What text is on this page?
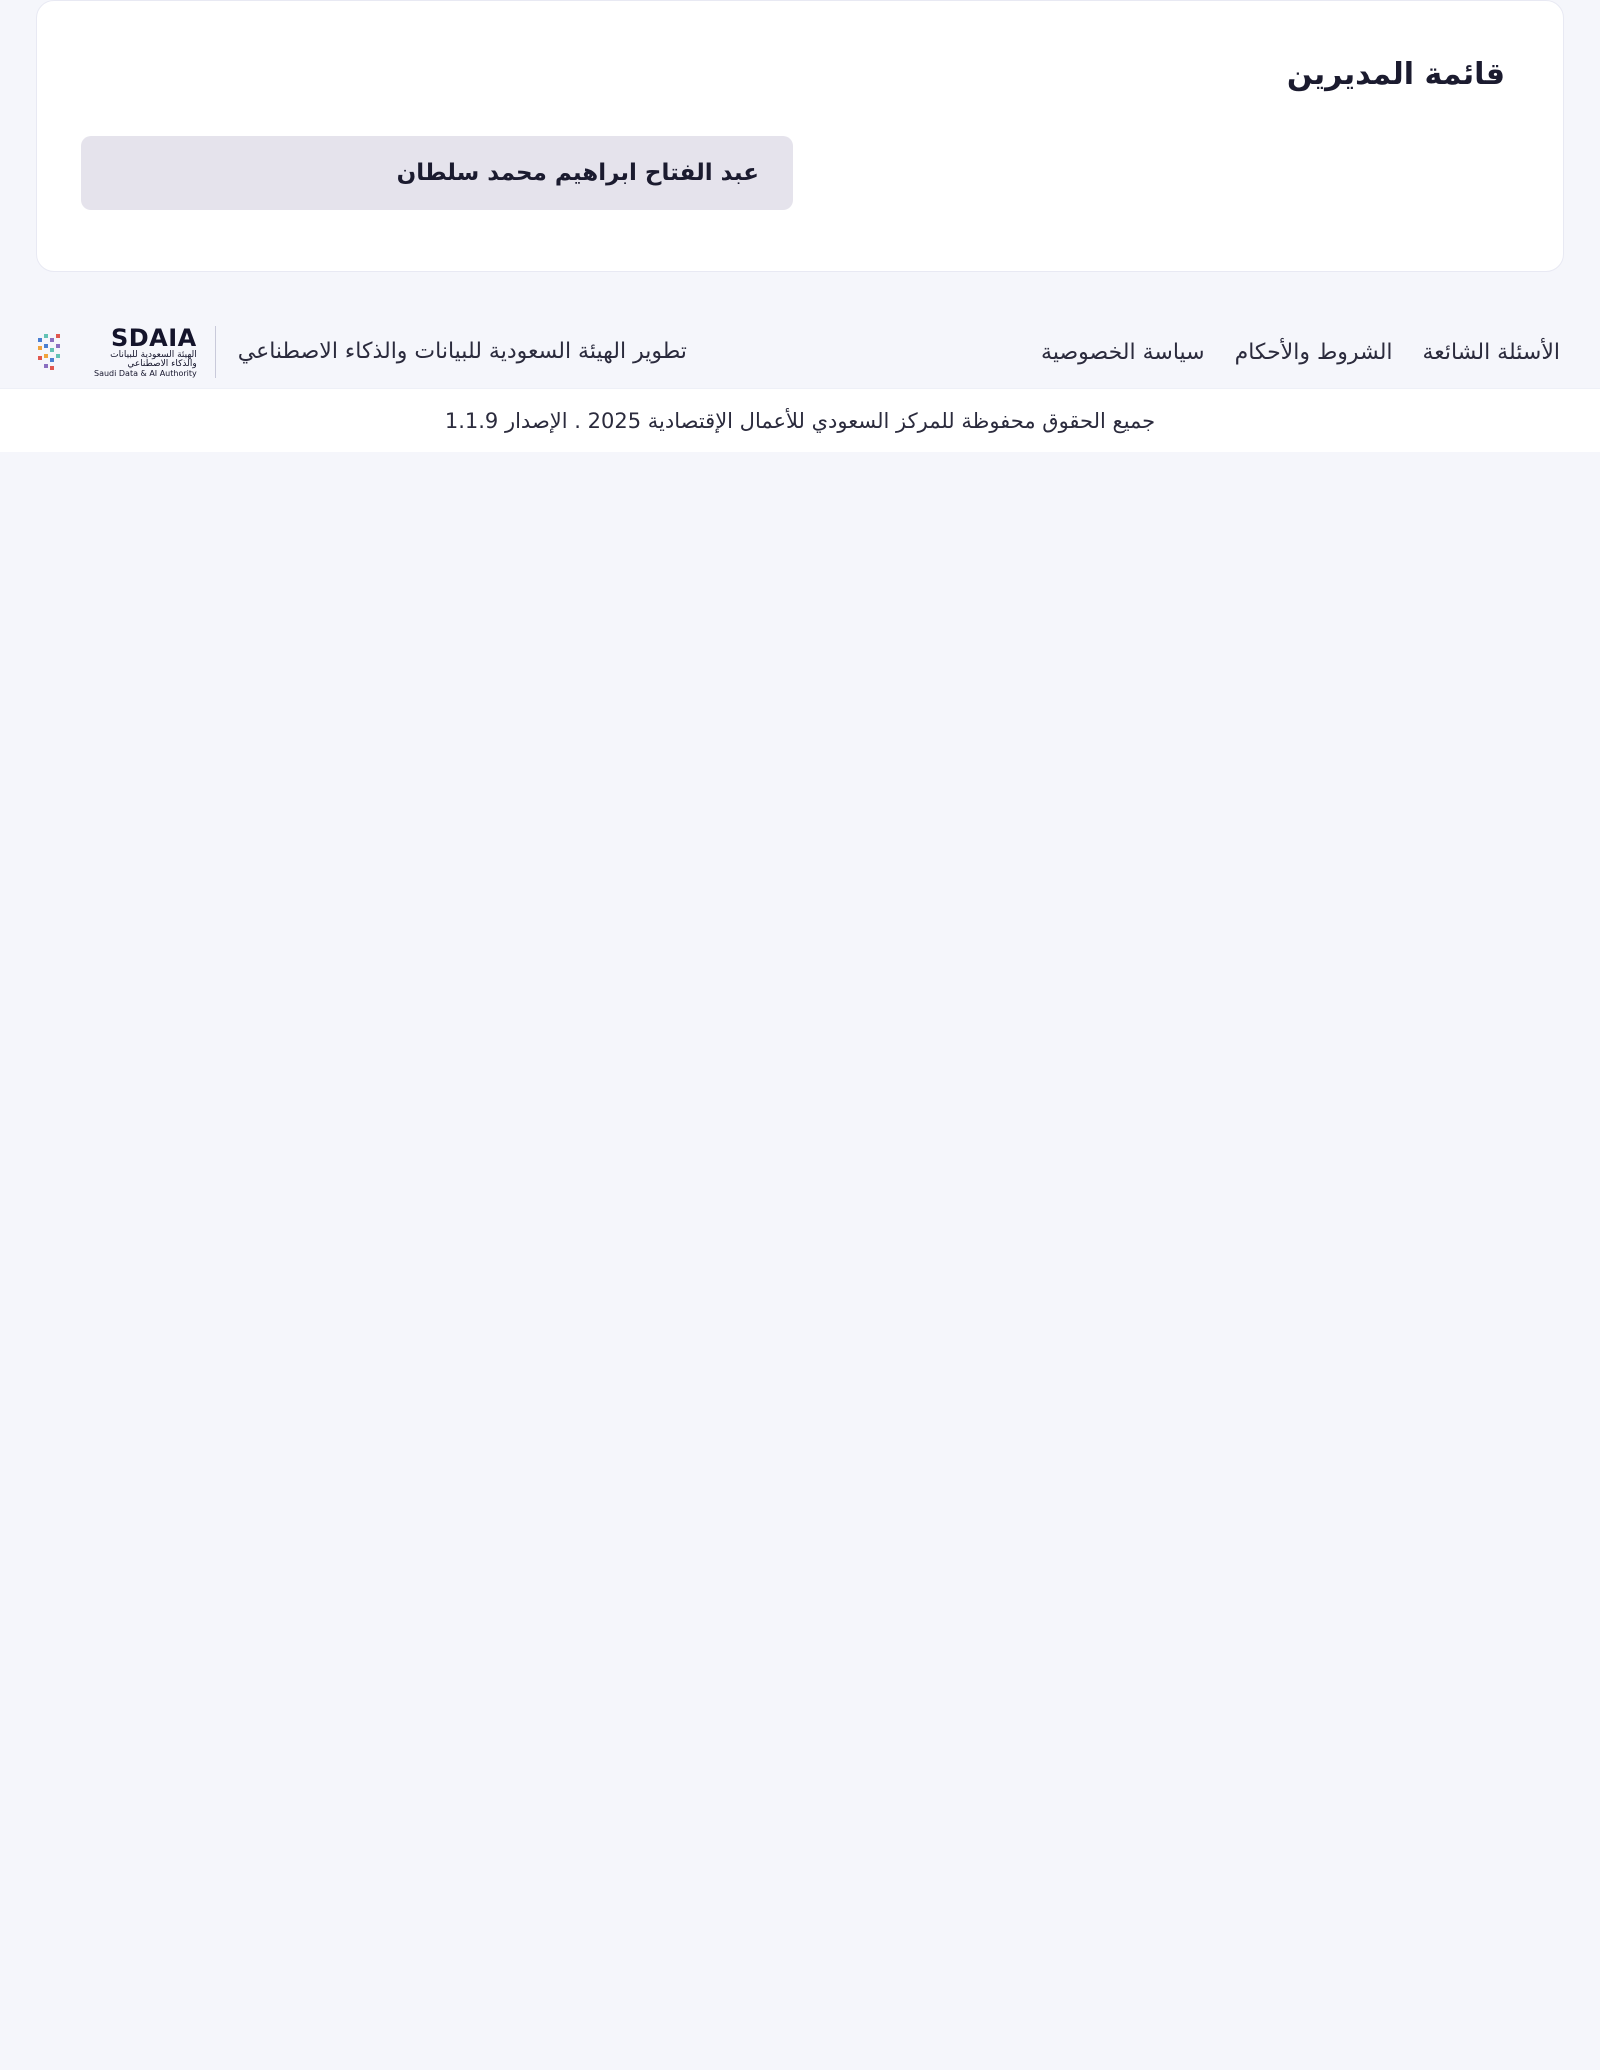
قائمة المديرين
عبد الفتاح ابراهيم محمد سلطان
سياسة الخصوصية الشروط والأحكام الأسئلة الشائعة
تطوير الهيئة السعودية للبيانات والذكاء الاصطناعي
SDAIA
الهيئة السعودية للبيانات
والذكاء الاصطناعي
Saudi Data & AI Authority
جميع الحقوق محفوظة للمركز السعودي للأعمال الإقتصادية 2025 . الإصدار 1.1.9
